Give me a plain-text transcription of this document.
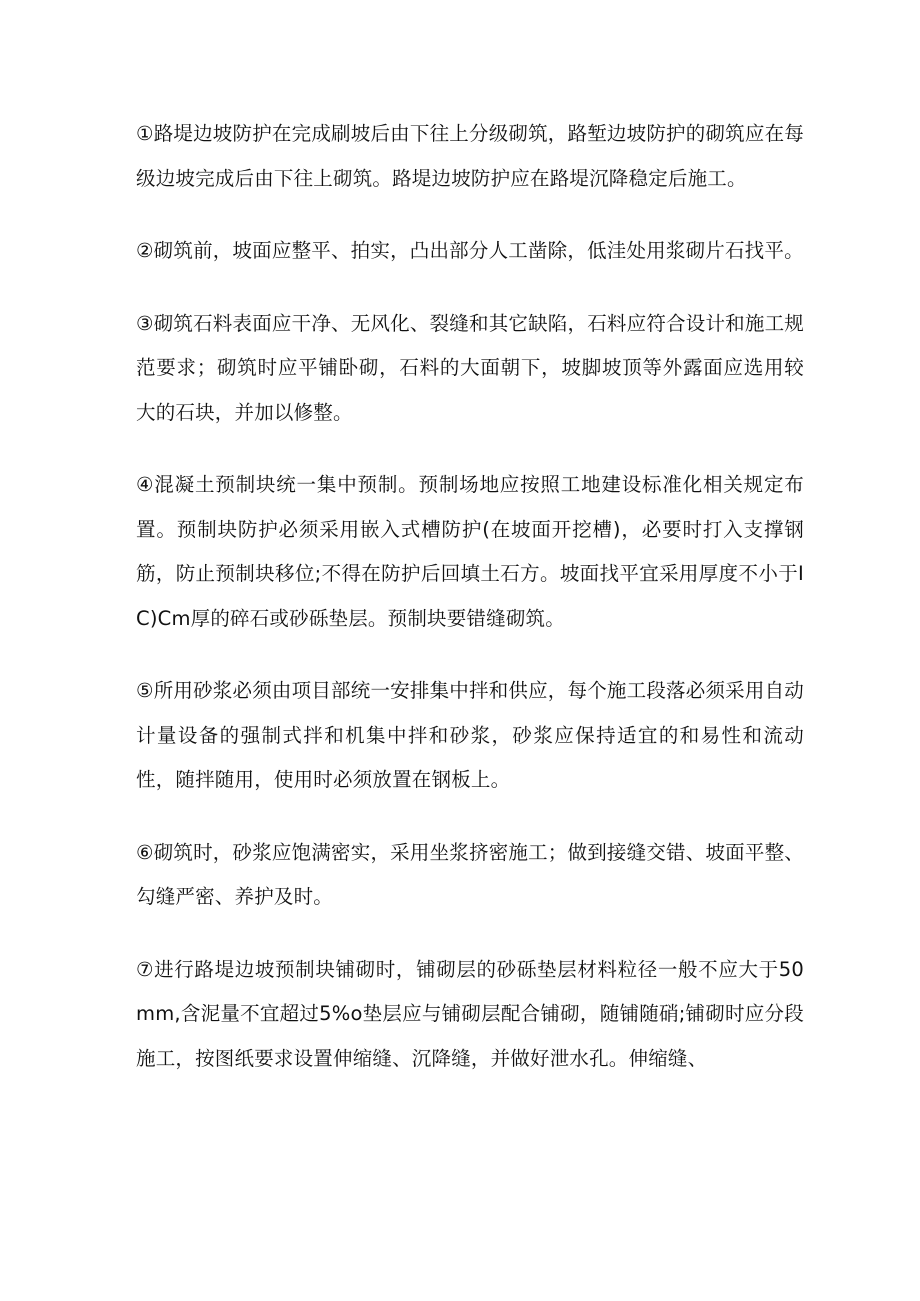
①路堤边坡防护在完成刷坡后由下往上分级砌筑，路堑边坡防护的砌筑应在每级边坡完成后由下往上砌筑。路堤边坡防护应在路堤沉降稳定后施工。

②砌筑前，坡面应整平、拍实，凸出部分人工凿除，低洼处用浆砌片石找平。

③砌筑石料表面应干净、无风化、裂缝和其它缺陷，石料应符合设计和施工规范要求；砌筑时应平铺卧砌，石料的大面朝下，坡脚坡顶等外露面应选用较大的石块，并加以修整。

④混凝土预制块统一集中预制。预制场地应按照工地建设标准化相关规定布置。预制块防护必须采用嵌入式槽防护(在坡面开挖槽)，必要时打入支撑钢筋，防止预制块移位;不得在防护后回填土石方。坡面找平宜采用厚度不小于IC)Cm厚的碎石或砂砾垫层。预制块要错缝砌筑。

⑤所用砂浆必须由项目部统一安排集中拌和供应，每个施工段落必须采用自动计量设备的强制式拌和机集中拌和砂浆，砂浆应保持适宜的和易性和流动性，随拌随用，使用时必须放置在钢板上。

⑥砌筑时，砂浆应饱满密实，采用坐浆挤密施工；做到接缝交错、坡面平整、勾缝严密、养护及时。

⑦进行路堤边坡预制块铺砌时，铺砌层的砂砾垫层材料粒径一般不应大于50mm,含泥量不宜超过5%o垫层应与铺砌层配合铺砌，随铺随硝;铺砌时应分段施工，按图纸要求设置伸缩缝、沉降缝，并做好泄水孔。伸缩缝、
